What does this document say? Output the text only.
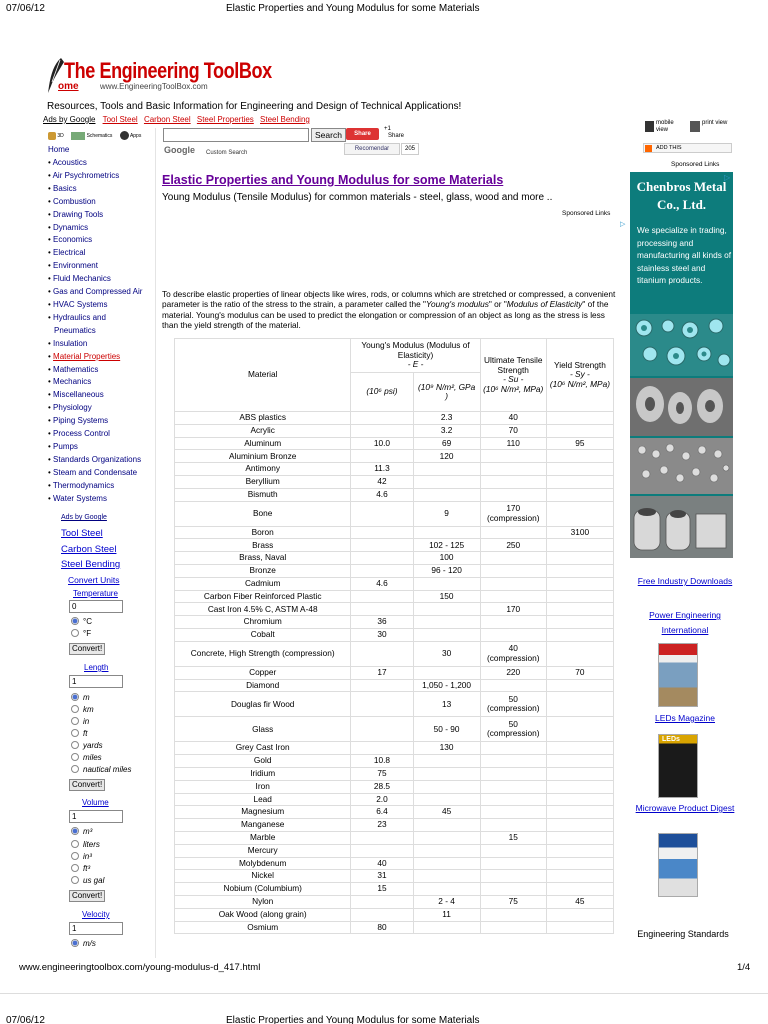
07/06/12	Elastic Properties and Young Modulus for some Materials
The Engineering ToolBox
ome	www.EngineeringToolBox.com
Resources, Tools and Basic Information for Engineering and Design of Technical Applications!
Ads by Google Tool Steel Carbon Steel Steel Properties Steel Bending
3D	Schematics	Apps	Search
Google Custom Search
Share
+1
Share
Recomendar	205
mobile view
print view
ADD THIS
Home
• Acoustics
• Air Psychrometrics
• Basics
• Combustion
• Drawing Tools
• Dynamics
• Economics
• Electrical
• Environment
• Fluid Mechanics
• Gas and Compressed Air
• HVAC Systems
• Hydraulics and Pneumatics
• Insulation
• Material Properties
• Mathematics
• Mechanics
• Miscellaneous
• Physiology
• Piping Systems
• Process Control
• Pumps
• Standards Organizations
• Steam and Condensate
• Thermodynamics
• Water Systems
Ads by Google
Tool Steel
Carbon Steel
Steel Bending
Convert Units
Temperature
0
°C
°F
Convert!
Length
1
m
km
in
ft
yards
miles
nautical miles
Convert!
Volume
1
m³
liters
in³
ft³
us gal
Convert!
Velocity
1
m/s
Elastic Properties and Young Modulus for some Materials
Young Modulus (Tensile Modulus) for common materials - steel, glass, wood and more ..
Sponsored Links
▷
To describe elastic properties of linear objects like wires, rods, or columns which are stretched or compressed, a convenient parameter is the ratio of the stress to the strain, a parameter called the "Young's modulus" or "Modulus of Elasticity" of the material. Young's modulus can be used to predict the elongation or compression of an object as long as the stress is less than the yield strength of the material.
Material	Young's Modulus (Modulus of Elasticity)
- E -		Ultimate Tensile Strength
- Su -
(10⁶ N/m², MPa)	Yield Strength
- Sy -
(10⁶ N/m², MPa)
	(10⁶ psi)	(10⁹ N/m², GPa )		
ABS plastics		2.3	40	
Acrylic		3.2	70	
Aluminum	10.0	69	110	95
Aluminium Bronze		120		
Antimony	11.3			
Beryllium	42			
Bismuth	4.6			
Bone		9	170 (compression)	
Boron				3100
Brass		102 - 125	250	
Brass, Naval		100		
Bronze		96 - 120		
Cadmium	4.6			
Carbon Fiber Reinforced Plastic		150		
Cast Iron 4.5% C, ASTM A-48			170	
Chromium	36			
Cobalt	30			
Concrete, High Strength (compression)		30	40 (compression)	
Copper	17		220	70
Diamond		1,050 - 1,200		
Douglas fir Wood		13	50 (compression)	
Glass		50 - 90	50 (compression)	
Grey Cast Iron		130		
Gold	10.8			
Iridium	75			
Iron	28.5			
Lead	2.0			
Magnesium	6.4	45		
Manganese	23			
Marble			15	
Mercury				
Molybdenum	40			
Nickel	31			
Nobium (Columbium)	15			
Nylon		2 - 4	75	45
Oak Wood (along grain)		11		
Osmium	80			
Sponsored Links
Chenbros Metal Co., Ltd.
We specialize in trading, processing and manufacturing all kinds of stainless steel and titanium products.
▷
Free Industry Downloads
Power Engineering International
LEDs Magazine
LEDs
Microwave Product Digest
Engineering Standards
www.engineeringtoolbox.com/young-modulus-d_417.html	1/4
07/06/12	Elastic Properties and Young Modulus for some Materials
